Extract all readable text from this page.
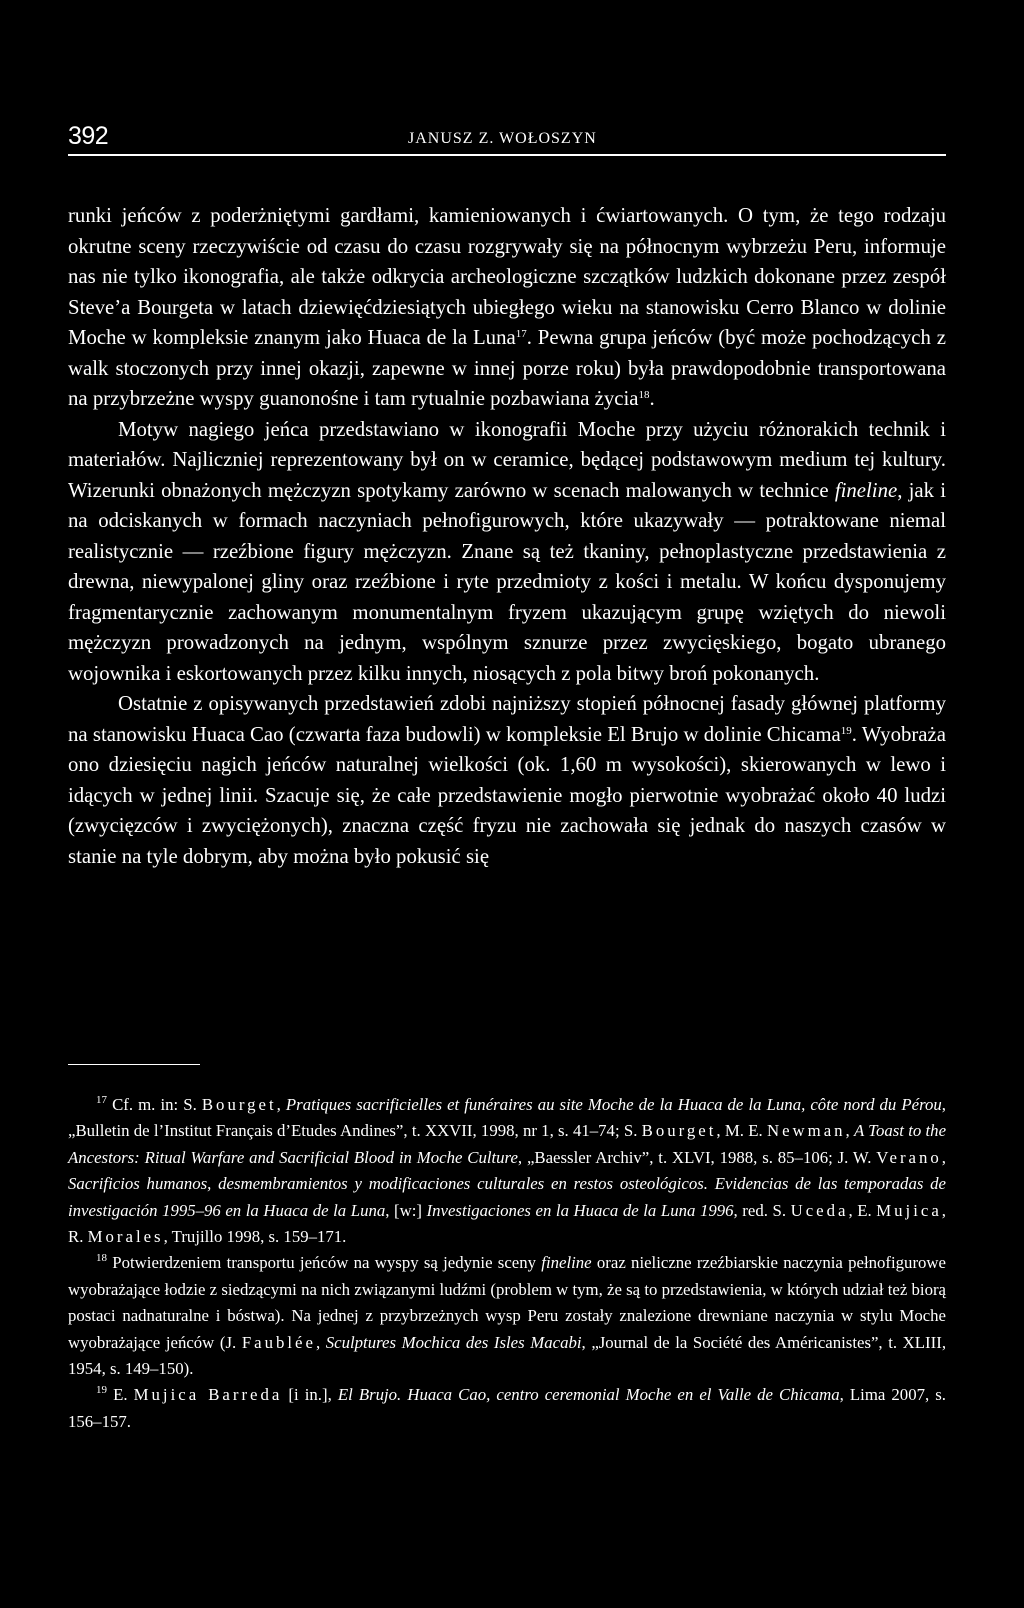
392	JANUSZ Z. WOŁOSZYN

runki jeńców z poderżniętymi gardłami, kamieniowanych i ćwiartowanych. O tym, że tego rodzaju okrutne sceny rzeczywiście od czasu do czasu rozgrywały się na północnym wybrzeżu Peru, informuje nas nie tylko ikonografia, ale także odkrycia archeologiczne szczątków ludzkich dokonane przez zespół Steve’a Bourgeta w latach dziewięćdziesiątych ubiegłego wieku na stanowisku Cerro Blanco w dolinie Moche w kompleksie znanym jako Huaca de la Luna$^{17}$. Pewna grupa jeńców (być może pochodzących z walk stoczonych przy innej okazji, zapewne w innej porze roku) była prawdopodobnie transportowana na przybrzeżne wyspy guanonośne i tam rytualnie pozbawiana życia$^{18}$.

Motyw nagiego jeńca przedstawiano w ikonografii Moche przy użyciu różnorakich technik i materiałów. Najliczniej reprezentowany był on w ceramice, będącej podstawowym medium tej kultury. Wizerunki obnażonych mężczyzn spotykamy zarówno w scenach malowanych w technice fineline, jak i na odciskanych w formach naczyniach pełnofigurowych, które ukazywały — potraktowane niemal realistycznie — rzeźbione figury mężczyzn. Znane są też tkaniny, pełnoplastyczne przedstawienia z drewna, niewypalonej gliny oraz rzeźbione i ryte przedmioty z kości i metalu. W końcu dysponujemy fragmentarycznie zachowanym monumentalnym fryzem ukazującym grupę wziętych do niewoli mężczyzn prowadzonych na jednym, wspólnym sznurze przez zwycięskiego, bogato ubranego wojownika i eskortowanych przez kilku innych, niosących z pola bitwy broń pokonanych.

Ostatnie z opisywanych przedstawień zdobi najniższy stopień północnej fasady głównej platformy na stanowisku Huaca Cao (czwarta faza budowli) w kompleksie El Brujo w dolinie Chicama$^{19}$. Wyobraża ono dziesięciu nagich jeńców naturalnej wielkości (ok. 1,60 m wysokości), skierowanych w lewo i idących w jednej linii. Szacuje się, że całe przedstawienie mogło pierwotnie wyobrażać około 40 ludzi (zwycięzców i zwyciężonych), znaczna część fryzu nie zachowała się jednak do naszych czasów w stanie na tyle dobrym, aby można było pokusić się

$^{17}$ Cf. m. in: S. Bourget, Pratiques sacrificielles et funéraires au site Moche de la Huaca de la Luna, côte nord du Pérou, „Bulletin de l’Institut Français d’Etudes Andines”, t. XXVII, 1998, nr 1, s. 41–74; S. Bourget, M. E. Newman, A Toast to the Ancestors: Ritual Warfare and Sacrificial Blood in Moche Culture, „Baessler Archiv”, t. XLVI, 1988, s. 85–106; J. W. Verano, Sacrificios humanos, desmembramientos y modificaciones culturales en restos osteológicos. Evidencias de las temporadas de investigación 1995–96 en la Huaca de la Luna, [w:] Investigaciones en la Huaca de la Luna 1996, red. S. Uceda, E. Mujica, R. Morales, Trujillo 1998, s. 159–171.

$^{18}$ Potwierdzeniem transportu jeńców na wyspy są jedynie sceny fineline oraz nieliczne rzeźbiarskie naczynia pełnofigurowe wyobrażające łodzie z siedzącymi na nich związanymi ludźmi (problem w tym, że są to przedstawienia, w których udział też biorą postaci nadnaturalne i bóstwa). Na jednej z przybrzeżnych wysp Peru zostały znalezione drewniane naczynia w stylu Moche wyobrażające jeńców (J. Faublée, Sculptures Mochica des Isles Macabi, „Journal de la Société des Américanistes”, t. XLIII, 1954, s. 149–150).

$^{19}$ E. Mujica Barreda [i in.], El Brujo. Huaca Cao, centro ceremonial Moche en el Valle de Chicama, Lima 2007, s. 156–157.
